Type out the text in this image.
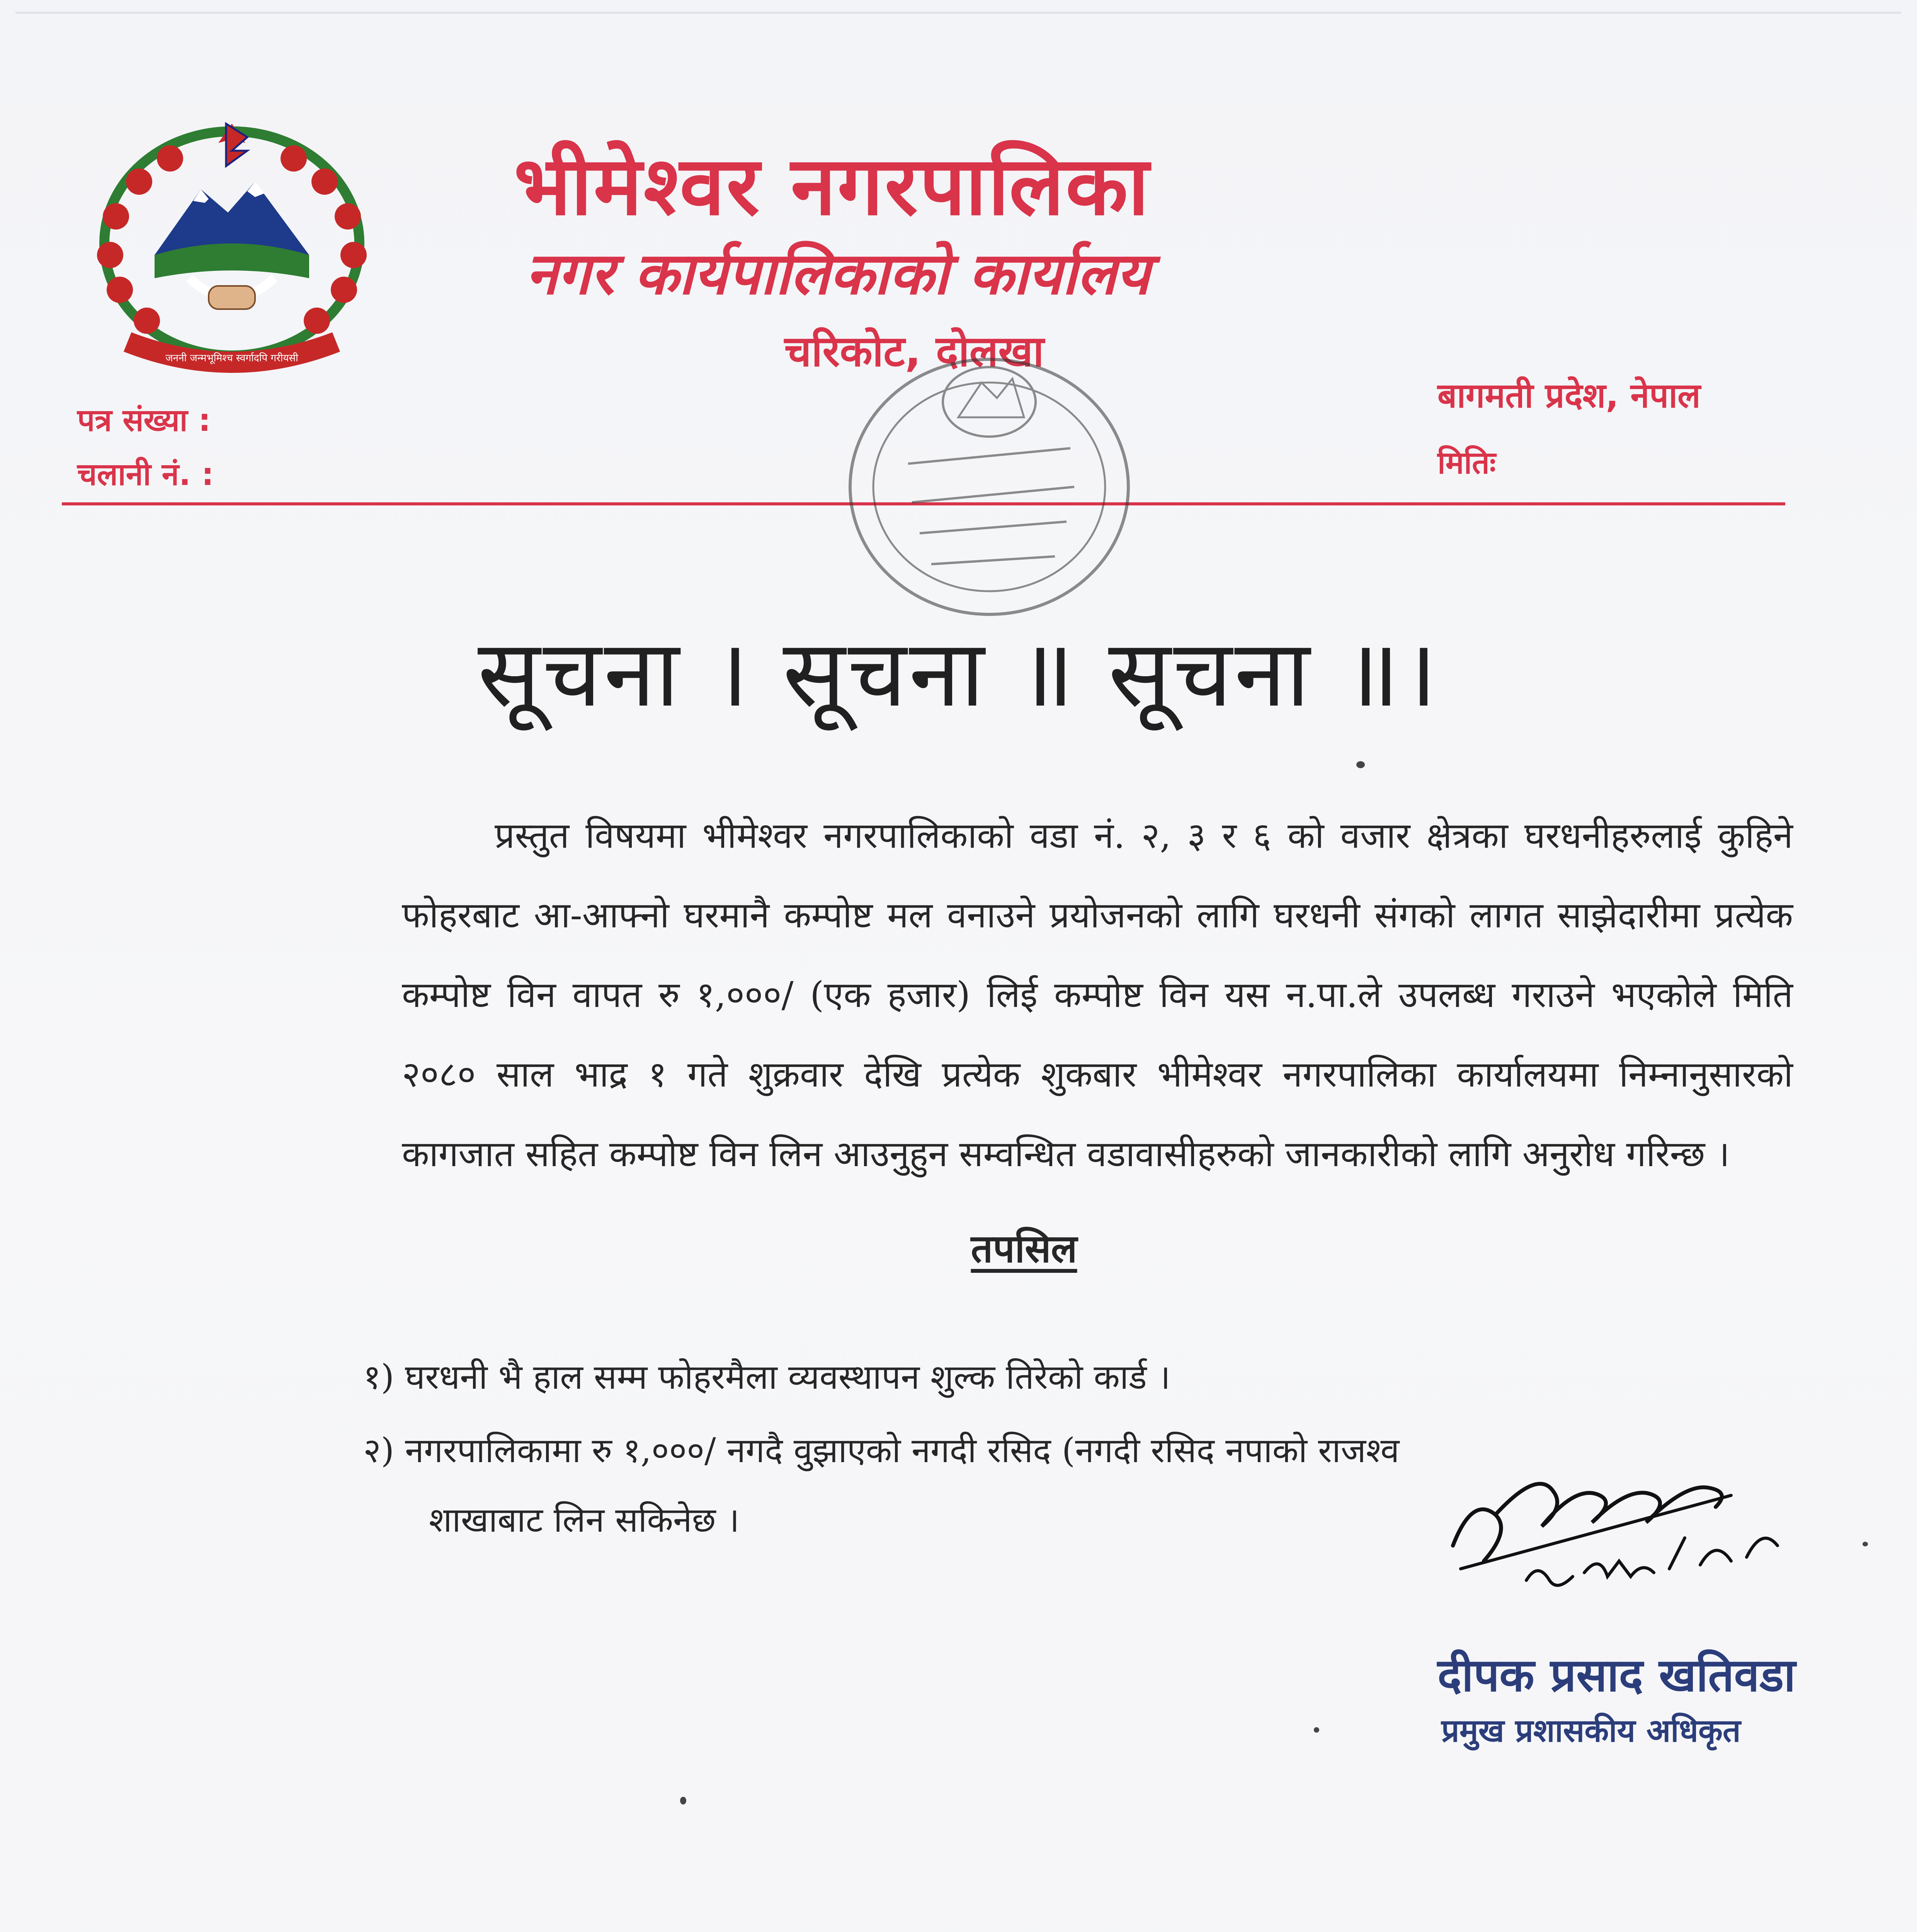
जननी जन्मभूमिश्च स्वर्गादपि गरीयसी
भीमेश्वर नगरपालिका
नगर कार्यपालिकाको कार्यालय
चरिकोट, दोलखा
बागमती प्रदेश, नेपाल
पत्र संख्या :
चलानी नं. :	मितिः
सूचना । सूचना ॥ सूचना ॥।
प्रस्तुत विषयमा भीमेश्वर नगरपालिकाको वडा नं. २, ३ र ६ को वजार क्षेत्रका घरधनीहरुलाई कुहिने फोहरबाट आ-आफ्नो घरमानै कम्पोष्ट मल वनाउने प्रयोजनको लागि घरधनी संगको लागत साझेदारीमा प्रत्येक कम्पोष्ट विन वापत रु १,०००/ (एक हजार) लिई कम्पोष्ट विन यस न.पा.ले उपलब्ध गराउने भएकोले मिति २०८० साल भाद्र १ गते शुक्रवार देखि प्रत्येक शुकबार भीमेश्वर नगरपालिका कार्यालयमा निम्नानुसारको कागजात सहित कम्पोष्ट विन लिन आउनुहुन सम्वन्धित वडावासीहरुको जानकारीको लागि अनुरोध गरिन्छ ।
तपसिल
१) घरधनी भै हाल सम्म फोहरमैला व्यवस्थापन शुल्क तिरेको कार्ड ।
२) नगरपालिकामा रु १,०००/ नगदै वुझाएको नगदी रसिद (नगदी रसिद नपाको राजश्व
शाखाबाट लिन सकिनेछ ।
दीपक प्रसाद खतिवडा
प्रमुख प्रशासकीय अधिकृत
